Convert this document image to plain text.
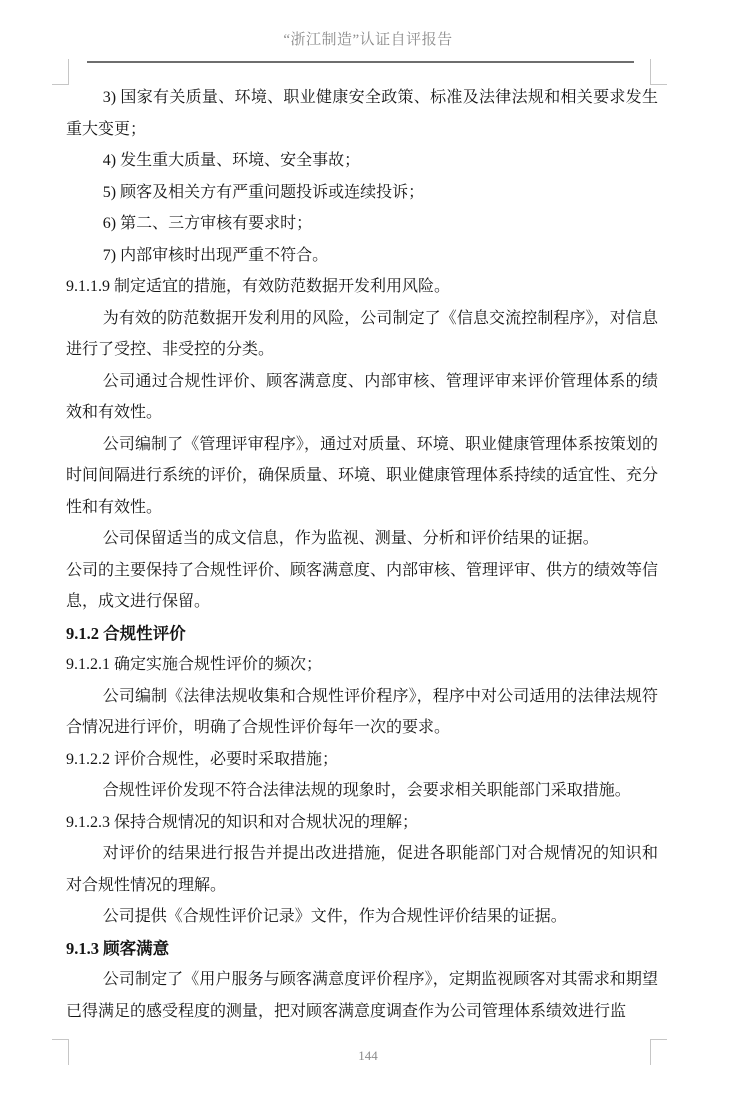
“浙江制造”认证自评报告
3) 国家有关质量、环境、职业健康安全政策、标准及法律法规和相关要求发生重大变更；
4) 发生重大质量、环境、安全事故；
5) 顾客及相关方有严重问题投诉或连续投诉；
6) 第二、三方审核有要求时；
7) 内部审核时出现严重不符合。
9.1.1.9 制定适宜的措施，有效防范数据开发利用风险。
为有效的防范数据开发利用的风险，公司制定了《信息交流控制程序》，对信息进行了受控、非受控的分类。
公司通过合规性评价、顾客满意度、内部审核、管理评审来评价管理体系的绩效和有效性。
公司编制了《管理评审程序》，通过对质量、环境、职业健康管理体系按策划的时间间隔进行系统的评价，确保质量、环境、职业健康管理体系持续的适宜性、充分性和有效性。
公司保留适当的成文信息，作为监视、测量、分析和评价结果的证据。
公司的主要保持了合规性评价、顾客满意度、内部审核、管理评审、供方的绩效等信息，成文进行保留。
9.1.2 合规性评价
9.1.2.1 确定实施合规性评价的频次；
公司编制《法律法规收集和合规性评价程序》，程序中对公司适用的法律法规符合情况进行评价，明确了合规性评价每年一次的要求。
9.1.2.2 评价合规性，必要时采取措施；
合规性评价发现不符合法律法规的现象时，会要求相关职能部门采取措施。
9.1.2.3 保持合规情况的知识和对合规状况的理解；
对评价的结果进行报告并提出改进措施，促进各职能部门对合规情况的知识和对合规性情况的理解。
公司提供《合规性评价记录》文件，作为合规性评价结果的证据。
9.1.3 顾客满意
公司制定了《用户服务与顾客满意度评价程序》，定期监视顾客对其需求和期望已得满足的感受程度的测量，把对顾客满意度调查作为公司管理体系绩效进行监
144
